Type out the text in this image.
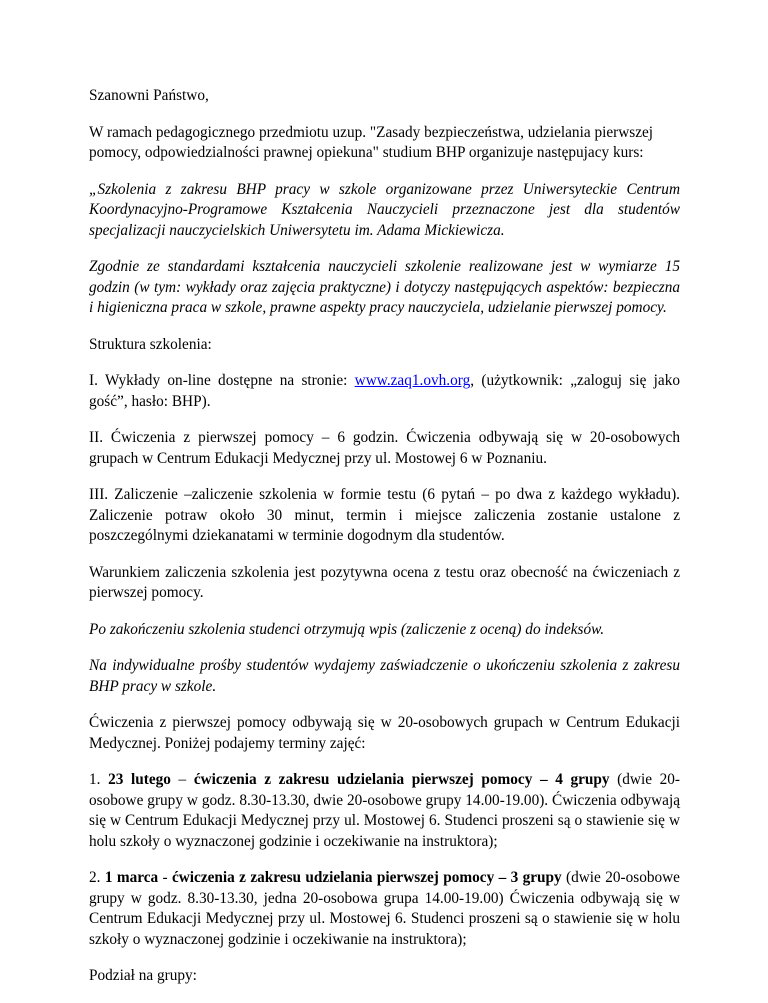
Szanowni Państwo,

W ramach pedagogicznego przedmiotu uzup. "Zasady bezpieczeństwa, udzielania pierwszej pomocy, odpowiedzialności prawnej opiekuna" studium BHP organizuje następujacy kurs:

„Szkolenia z zakresu BHP pracy w szkole organizowane przez Uniwersyteckie Centrum Koordynacyjno-Programowe Kształcenia Nauczycieli przeznaczone jest dla studentów specjalizacji nauczycielskich Uniwersytetu im. Adama Mickiewicza.

Zgodnie ze standardami kształcenia nauczycieli szkolenie realizowane jest w wymiarze 15 godzin (w tym: wykłady oraz zajęcia praktyczne) i dotyczy następujących aspektów: bezpieczna i higieniczna praca w szkole, prawne aspekty pracy nauczyciela, udzielanie pierwszej pomocy.

Struktura szkolenia:

I. Wykłady on-line dostępne na stronie: www.zaq1.ovh.org, (użytkownik: „zaloguj się jako gość”, hasło: BHP).

II. Ćwiczenia z pierwszej pomocy – 6 godzin. Ćwiczenia odbywają się w 20-osobowych grupach w Centrum Edukacji Medycznej przy ul. Mostowej 6 w Poznaniu.

III. Zaliczenie –zaliczenie szkolenia w formie testu (6 pytań – po dwa z każdego wykładu). Zaliczenie potraw około 30 minut, termin i miejsce zaliczenia zostanie ustalone z poszczególnymi dziekanatami w terminie dogodnym dla studentów.

Warunkiem zaliczenia szkolenia jest pozytywna ocena z testu oraz obecność na ćwiczeniach z pierwszej pomocy.

Po zakończeniu szkolenia studenci otrzymują wpis (zaliczenie z oceną) do indeksów.

Na indywidualne prośby studentów wydajemy zaświadczenie o ukończeniu szkolenia z zakresu BHP pracy w szkole.

Ćwiczenia z pierwszej pomocy odbywają się w 20-osobowych grupach w Centrum Edukacji Medycznej. Poniżej podajemy terminy zajęć:

1. 23 lutego – ćwiczenia z zakresu udzielania pierwszej pomocy – 4 grupy (dwie 20-osobowe grupy w godz. 8.30-13.30, dwie 20-osobowe grupy 14.00-19.00). Ćwiczenia odbywają się w Centrum Edukacji Medycznej przy ul. Mostowej 6. Studenci proszeni są o stawienie się w holu szkoły o wyznaczonej godzinie i oczekiwanie na instruktora);

2. 1 marca - ćwiczenia z zakresu udzielania pierwszej pomocy – 3 grupy (dwie 20-osobowe grupy w godz. 8.30-13.30, jedna 20-osobowa grupa 14.00-19.00) Ćwiczenia odbywają się w Centrum Edukacji Medycznej przy ul. Mostowej 6. Studenci proszeni są o stawienie się w holu szkoły o wyznaczonej godzinie i oczekiwanie na instruktora);

Podział na grupy:
